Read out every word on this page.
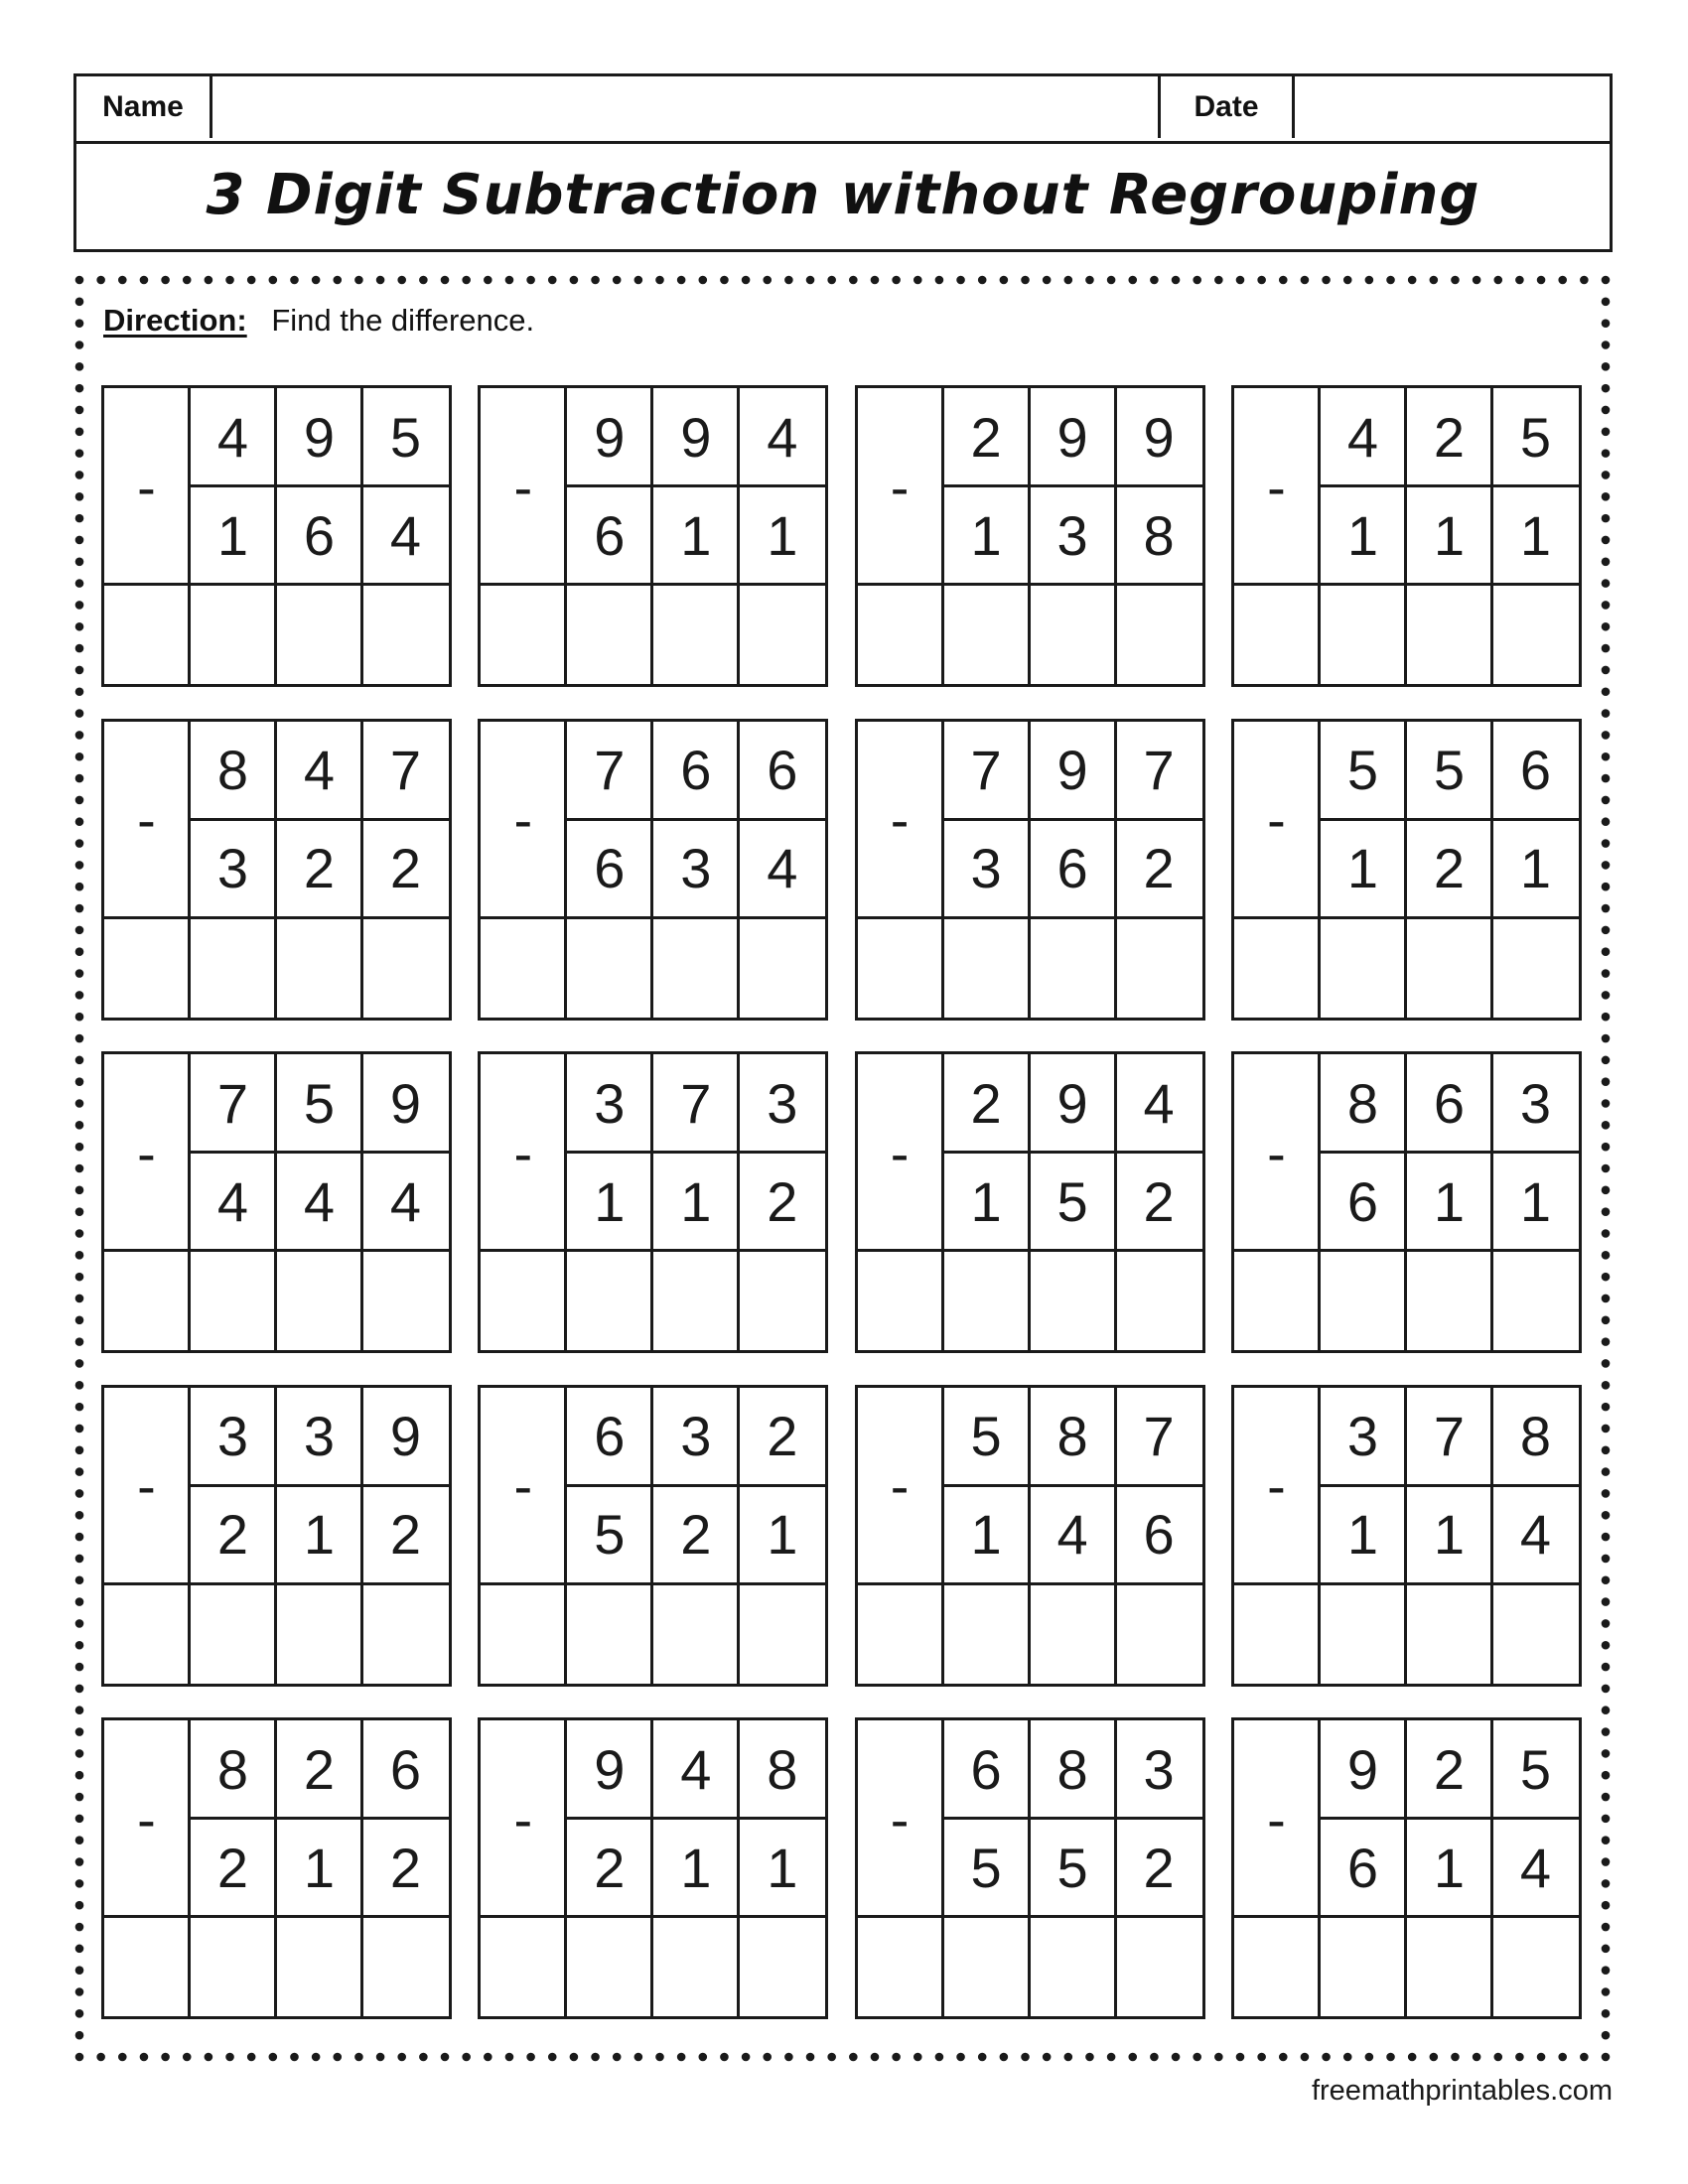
Name	Date
3 Digit Subtraction without Regrouping
Direction: Find the difference.
-
4 9 5
1 6 4
-
9 9 4
6 1 1
-
2 9 9
1 3 8
-
4 2 5
1 1 1
-
8 4 7
3 2 2
-
7 6 6
6 3 4
-
7 9 7
3 6 2
-
5 5 6
1 2 1
-
7 5 9
4 4 4
-
3 7 3
1 1 2
-
2 9 4
1 5 2
-
8 6 3
6 1 1
-
3 3 9
2 1 2
-
6 3 2
5 2 1
-
5 8 7
1 4 6
-
3 7 8
1 1 4
-
8 2 6
2 1 2
-
9 4 8
2 1 1
-
6 8 3
5 5 2
-
9 2 5
6 1 4
freemathprintables.com
